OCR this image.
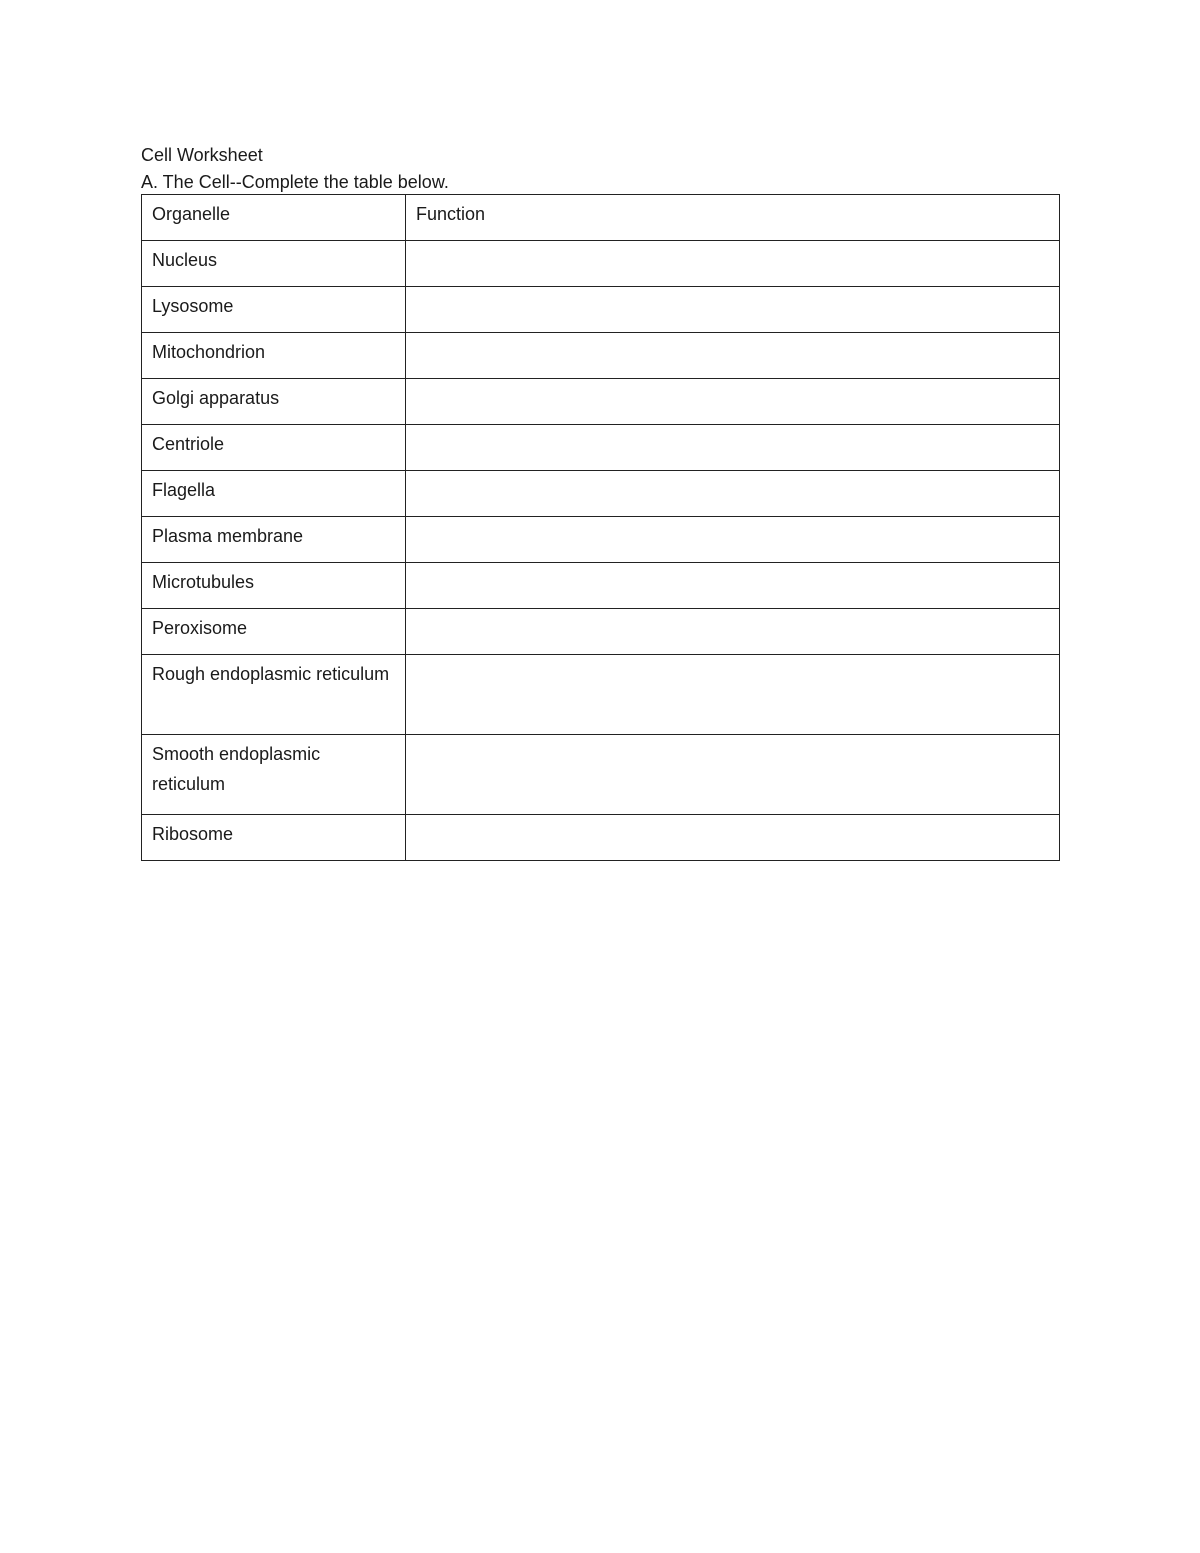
Cell Worksheet

A. The Cell--Complete the table below.

Organelle	Function
Nucleus	
Lysosome	
Mitochondrion	
Golgi apparatus	
Centriole	
Flagella	
Plasma membrane	
Microtubules	
Peroxisome	
Rough endoplasmic reticulum	
Smooth endoplasmic reticulum	
Ribosome	
